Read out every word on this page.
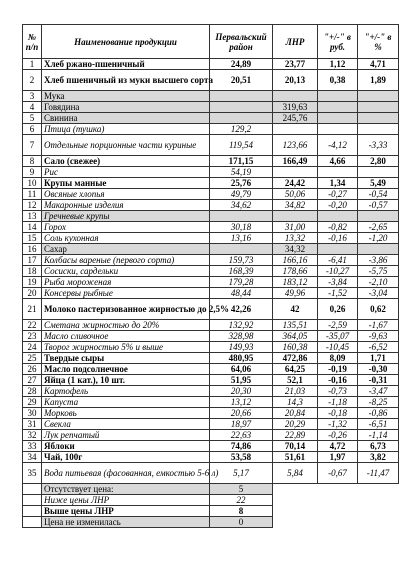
№ п/п	Наименование продукции	Первальский район	ЛНР	"+/-" в руб.	"+/-" в %
1	Хлеб ржано-пшеничный	24,89	23,77	1,12	4,71
2	Хлеб пшеничный из муки высшего сорта	20,51	20,13	0,38	1,89
3	Мука				
4	Говядина		319,63		
5	Свинина		245,76		
6	Птица (тушка)	129,2			
7	Отдельные порционные части куриные	119,54	123,66	-4,12	-3,33
8	Сало (свежее)	171,15	166,49	4,66	2,80
9	Рис	54,19			
10	Крупы манные	25,76	24,42	1,34	5,49
11	Овсяные хлопья	49,79	50,06	-0,27	-0,54
12	Макаронные изделия	34,62	34,82	-0,20	-0,57
13	Гречневые крупы				
14	Горох	30,18	31,00	-0,82	-2,65
15	Соль кухонная	13,16	13,32	-0,16	-1,20
16	Сахар		34,32		
17	Колбасы вареные (первого сорта)	159,73	166,16	-6,41	-3,86
18	Сосиски, сардельки	168,39	178,66	-10,27	-5,75
19	Рыба мороженая	179,28	183,12	-3,84	-2,10
20	Консервы рыбные	48,44	49,96	-1,52	-3,04
21	Молоко пастеризованное жирностью до 2,5%	42,26	42	0,26	0,62
22	Сметана жирностью до 20%	132,92	135,51	-2,59	-1,67
23	Масло сливочное	328,98	364,05	-35,07	-9,63
24	Творог жирностью 5% и выше	149,93	160,38	-10,45	-6,52
25	Твердые сыры	480,95	472,86	8,09	1,71
26	Масло подсолнечное	64,06	64,25	-0,19	-0,30
27	Яйца (1 кат.), 10 шт.	51,95	52,1	-0,16	-0,31
28	Картофель	20,30	21,03	-0,73	-3,47
29	Капуста	13,12	14,3	-1,18	-8,25
30	Морковь	20,66	20,84	-0,18	-0,86
31	Свекла	18,97	20,29	-1,32	-6,51
32	Лук репчатый	22,63	22,89	-0,26	-1,14
33	Яблоки	74,86	70,14	4,72	6,73
34	Чай, 100г	53,58	51,61	1,97	3,82
35	Вода питьевая (фасованная, емкостью 5-6 л)	5,17	5,84	-0,67	-11,47
	Отсутствует цена:	5			
	Ниже цены ЛНР	22			
	Выше цены ЛНР	8			
	Цена не изменилась	0			
